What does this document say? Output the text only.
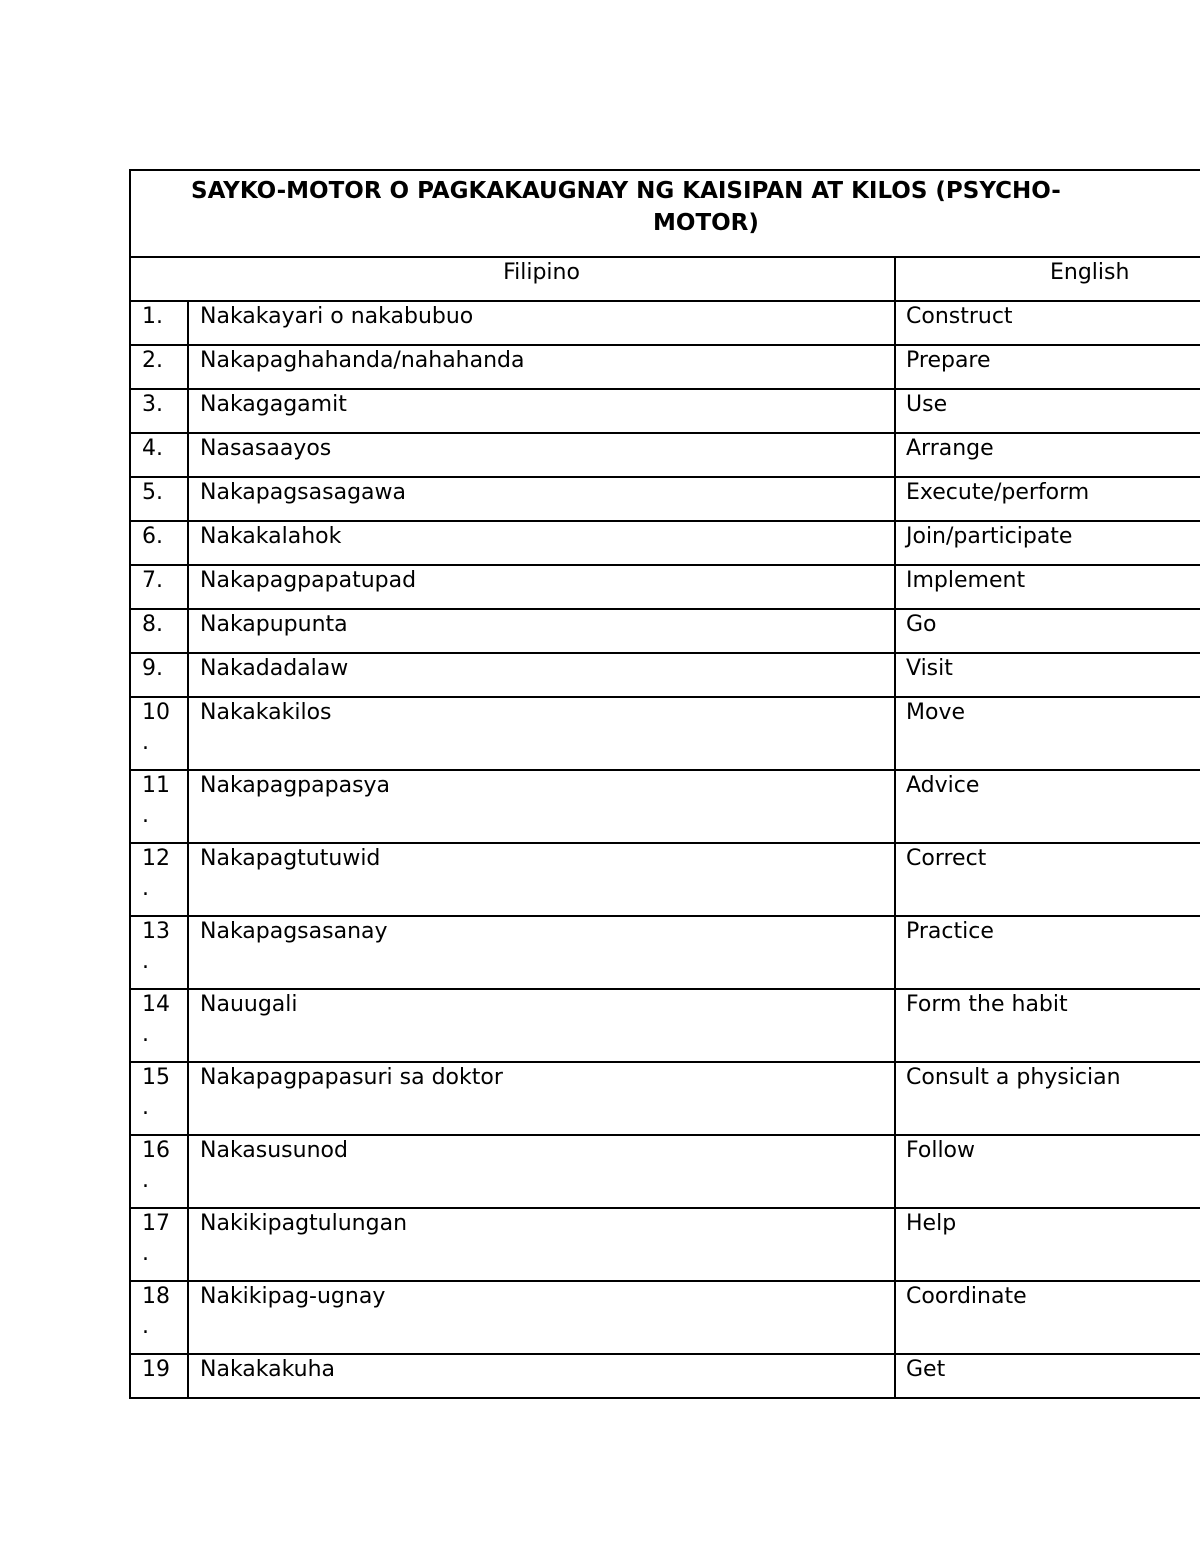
SAYKO-MOTOR O PAGKAKAUGNAY NG KAISIPAN AT KILOS (PSYCHO-
MOTOR)		

Filipino		English

1.	Nakakayari o nakabubuo	Construct

2.	Nakapaghahanda/nahahanda	Prepare

3.	Nakagagamit	Use

4.	Nasasaayos	Arrange

5.	Nakapagsasagawa	Execute/perform

6.	Nakakalahok	Join/participate

7.	Nakapagpapatupad	Implement

8.	Nakapupunta	Go

9.	Nakadadalaw	Visit

10
.	Nakakakilos	Move

11
.	Nakapagpapasya	Advice

12
.	Nakapagtutuwid	Correct

13
.	Nakapagsasanay	Practice

14
.	Nauugali	Form the habit

15
.	Nakapagpapasuri sa doktor	Consult a physician

16
.	Nakasusunod	Follow

17
.	Nakikipagtulungan	Help

18
.	Nakikipag-ugnay	Coordinate

19	Nakakakuha	Get
